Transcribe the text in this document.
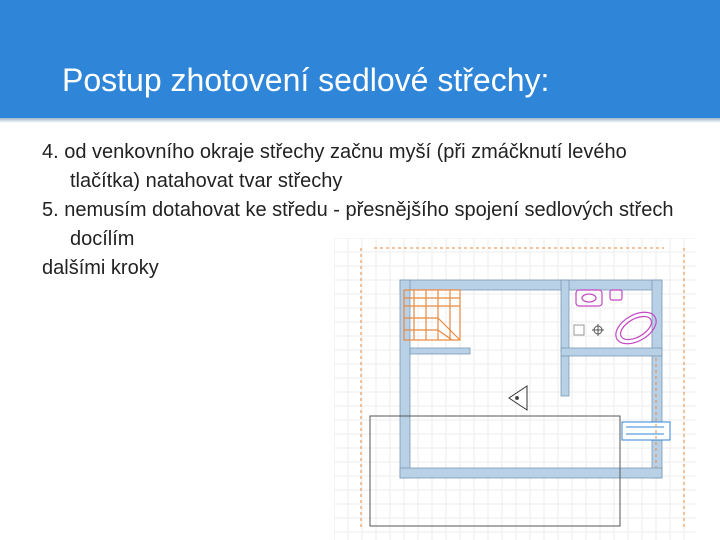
Postup zhotovení sedlové střechy:
4. od venkovního okraje střechy začnu myší (při zmáčknutí levého tlačítka) natahovat tvar střechy
5. nemusím dotahovat ke středu - přesnějšího spojení sedlových střech docílím
dalšími kroky
